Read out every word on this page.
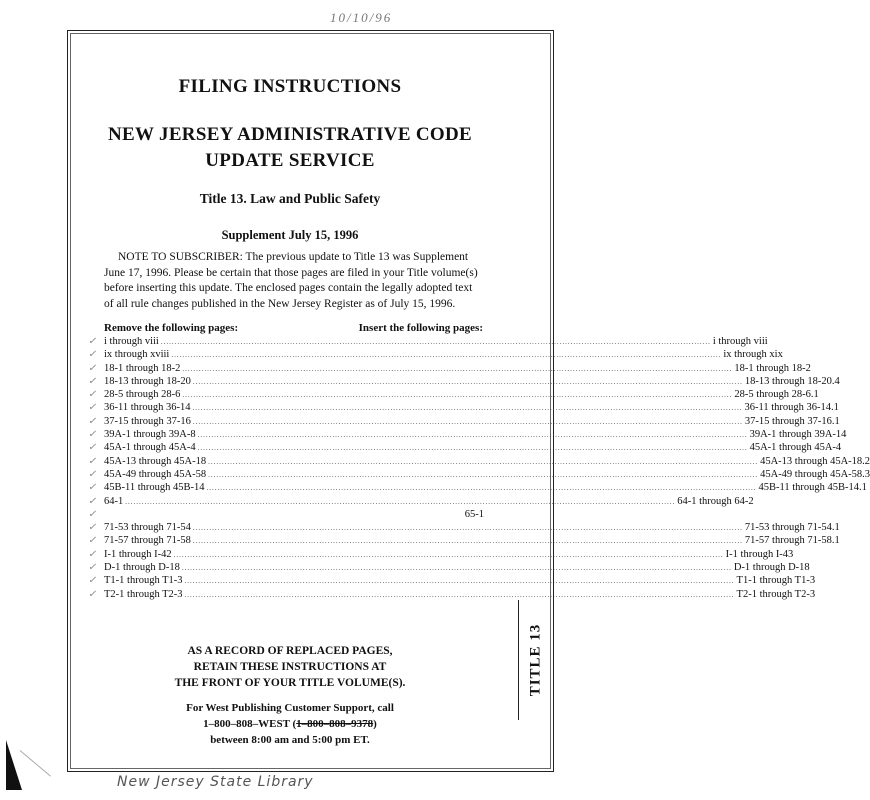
10/10/96
TITLE 13
FILING INSTRUCTIONS
NEW JERSEY ADMINISTRATIVE CODE
UPDATE SERVICE
Title 13. Law and Public Safety
Supplement July 15, 1996
NOTE TO SUBSCRIBER: The previous update to Title 13 was Supplement June 17, 1996. Please be certain that those pages are filed in your Title volume(s) before inserting this update. The enclosed pages contain the legally adopted text of all rule changes published in the New Jersey Register as of July 15, 1996.
Remove the following pages:	Insert the following pages:
✓ i through viii ........................................................................................................................................................................................................ i through viii
✓ ix through xviii ........................................................................................................................................................................................................ ix through xix
✓ 18-1 through 18-2 ........................................................................................................................................................................................................ 18-1 through 18-2
✓ 18-13 through 18-20 ........................................................................................................................................................................................................ 18-13 through 18-20.4
✓ 28-5 through 28-6 ........................................................................................................................................................................................................ 28-5 through 28-6.1
✓ 36-11 through 36-14 ........................................................................................................................................................................................................ 36-11 through 36-14.1
✓ 37-15 through 37-16 ........................................................................................................................................................................................................ 37-15 through 37-16.1
✓ 39A-1 through 39A-8 ........................................................................................................................................................................................................ 39A-1 through 39A-14
✓ 45A-1 through 45A-4 ........................................................................................................................................................................................................ 45A-1 through 45A-4
✓ 45A-13 through 45A-18 ........................................................................................................................................................................................................ 45A-13 through 45A-18.2
✓ 45A-49 through 45A-58 ........................................................................................................................................................................................................ 45A-49 through 45A-58.3
✓ 45B-11 through 45B-14 ........................................................................................................................................................................................................ 45B-11 through 45B-14.1
✓ 64-1 ........................................................................................................................................................................................................ 64-1 through 64-2
✓	65-1
✓ 71-53 through 71-54 ........................................................................................................................................................................................................ 71-53 through 71-54.1
✓ 71-57 through 71-58 ........................................................................................................................................................................................................ 71-57 through 71-58.1
✓ I-1 through I-42 ........................................................................................................................................................................................................ I-1 through I-43
✓ D-1 through D-18 ........................................................................................................................................................................................................ D-1 through D-18
✓ T1-1 through T1-3 ........................................................................................................................................................................................................ T1-1 through T1-3
✓ T2-1 through T2-3 ........................................................................................................................................................................................................ T2-1 through T2-3
AS A RECORD OF REPLACED PAGES,
RETAIN THESE INSTRUCTIONS AT
THE FRONT OF YOUR TITLE VOLUME(S).
For West Publishing Customer Support, call
1–800–808–WEST (1–800–808–9378)
between 8:00 am and 5:00 pm ET.
New Jersey State Library
